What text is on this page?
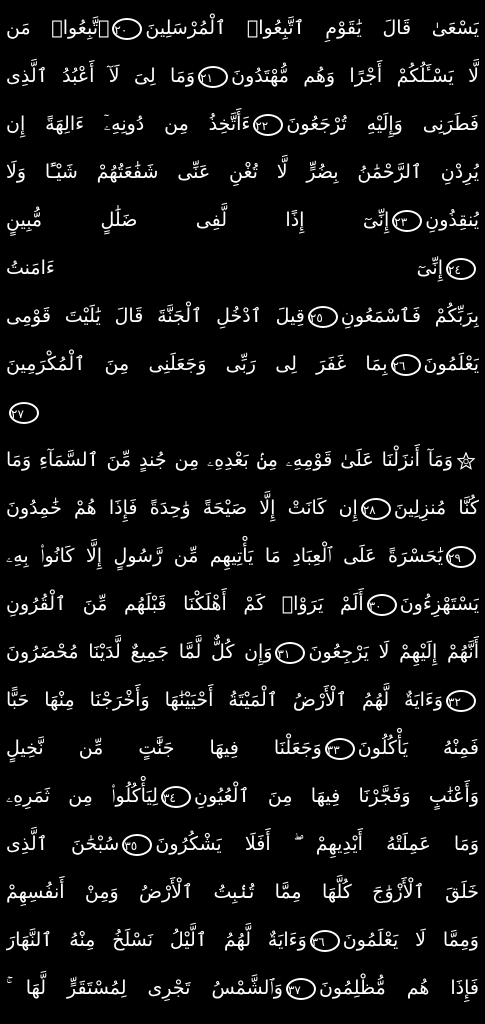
يَسْعَىٰ قَالَ يَٰقَوْمِ ٱتَّبِعُوا۟ ٱلْمُرْسَلِينَ٢٠ٱتَّبِعُوا۟ مَن
لَّا يَسْـَٔلُكُمْ أَجْرًا وَهُم مُّهْتَدُونَ٢١وَمَا لِىَ لَآ أَعْبُدُ ٱلَّذِى
فَطَرَنِى وَإِلَيْهِ تُرْجَعُونَ٢٢ءَأَتَّخِذُ مِن دُونِهِۦٓ ءَالِهَةً إِن
يُرِدْنِ ٱلرَّحْمَٰنُ بِضُرٍّ لَّا تُغْنِ عَنِّى شَفَٰعَتُهُمْ شَيْـًٔا وَلَا
يُنقِذُونِ٢٣إِنِّىٓ إِذًا لَّفِى ضَلَٰلٍ مُّبِينٍ
٢٤إِنِّىٓ ءَامَنتُ
بِرَبِّكُمْ فَٱسْمَعُونِ٢٥قِيلَ ٱدْخُلِ ٱلْجَنَّةَ قَالَ يَٰلَيْتَ قَوْمِى
يَعْلَمُونَ٢٦بِمَا غَفَرَ لِى رَبِّى وَجَعَلَنِى مِنَ ٱلْمُكْرَمِينَ
٢٧
وَمَآ أَنزَلْنَا عَلَىٰ قَوْمِهِۦ مِنۢ بَعْدِهِۦ مِن جُندٍ مِّنَ ٱلسَّمَآءِ وَمَا
كُنَّا مُنزِلِينَ٢٨إِن كَانَتْ إِلَّا صَيْحَةً وَٰحِدَةً فَإِذَا هُمْ خَٰمِدُونَ
٢٩يَٰحَسْرَةً عَلَى ٱلْعِبَادِ مَا يَأْتِيهِم مِّن رَّسُولٍ إِلَّا كَانُوا۟ بِهِۦ
يَسْتَهْزِءُونَ٣٠أَلَمْ يَرَوْا۟ كَمْ أَهْلَكْنَا قَبْلَهُم مِّنَ ٱلْقُرُونِ
أَنَّهُمْ إِلَيْهِمْ لَا يَرْجِعُونَ٣١وَإِن كُلٌّ لَّمَّا جَمِيعٌ لَّدَيْنَا مُحْضَرُونَ
٣٢وَءَايَةٌ لَّهُمُ ٱلْأَرْضُ ٱلْمَيْتَةُ أَحْيَيْنَٰهَا وَأَخْرَجْنَا مِنْهَا حَبًّا
فَمِنْهُ يَأْكُلُونَ٣٣وَجَعَلْنَا فِيهَا جَنَّٰتٍ مِّن نَّخِيلٍ
وَأَعْنَٰبٍ وَفَجَّرْنَا فِيهَا مِنَ ٱلْعُيُونِ٣٤لِيَأْكُلُوا۟ مِن ثَمَرِهِۦ
وَمَا عَمِلَتْهُ أَيْدِيهِمْ ۖ أَفَلَا يَشْكُرُونَ٣٥سُبْحَٰنَ ٱلَّذِى
خَلَقَ ٱلْأَزْوَٰجَ كُلَّهَا مِمَّا تُنۢبِتُ ٱلْأَرْضُ وَمِنْ أَنفُسِهِمْ
وَمِمَّا لَا يَعْلَمُونَ٣٦وَءَايَةٌ لَّهُمُ ٱلَّيْلُ نَسْلَخُ مِنْهُ ٱلنَّهَارَ
فَإِذَا هُم مُّظْلِمُونَ٣٧وَٱلشَّمْسُ تَجْرِى لِمُسْتَقَرٍّ لَّهَا ۚ
